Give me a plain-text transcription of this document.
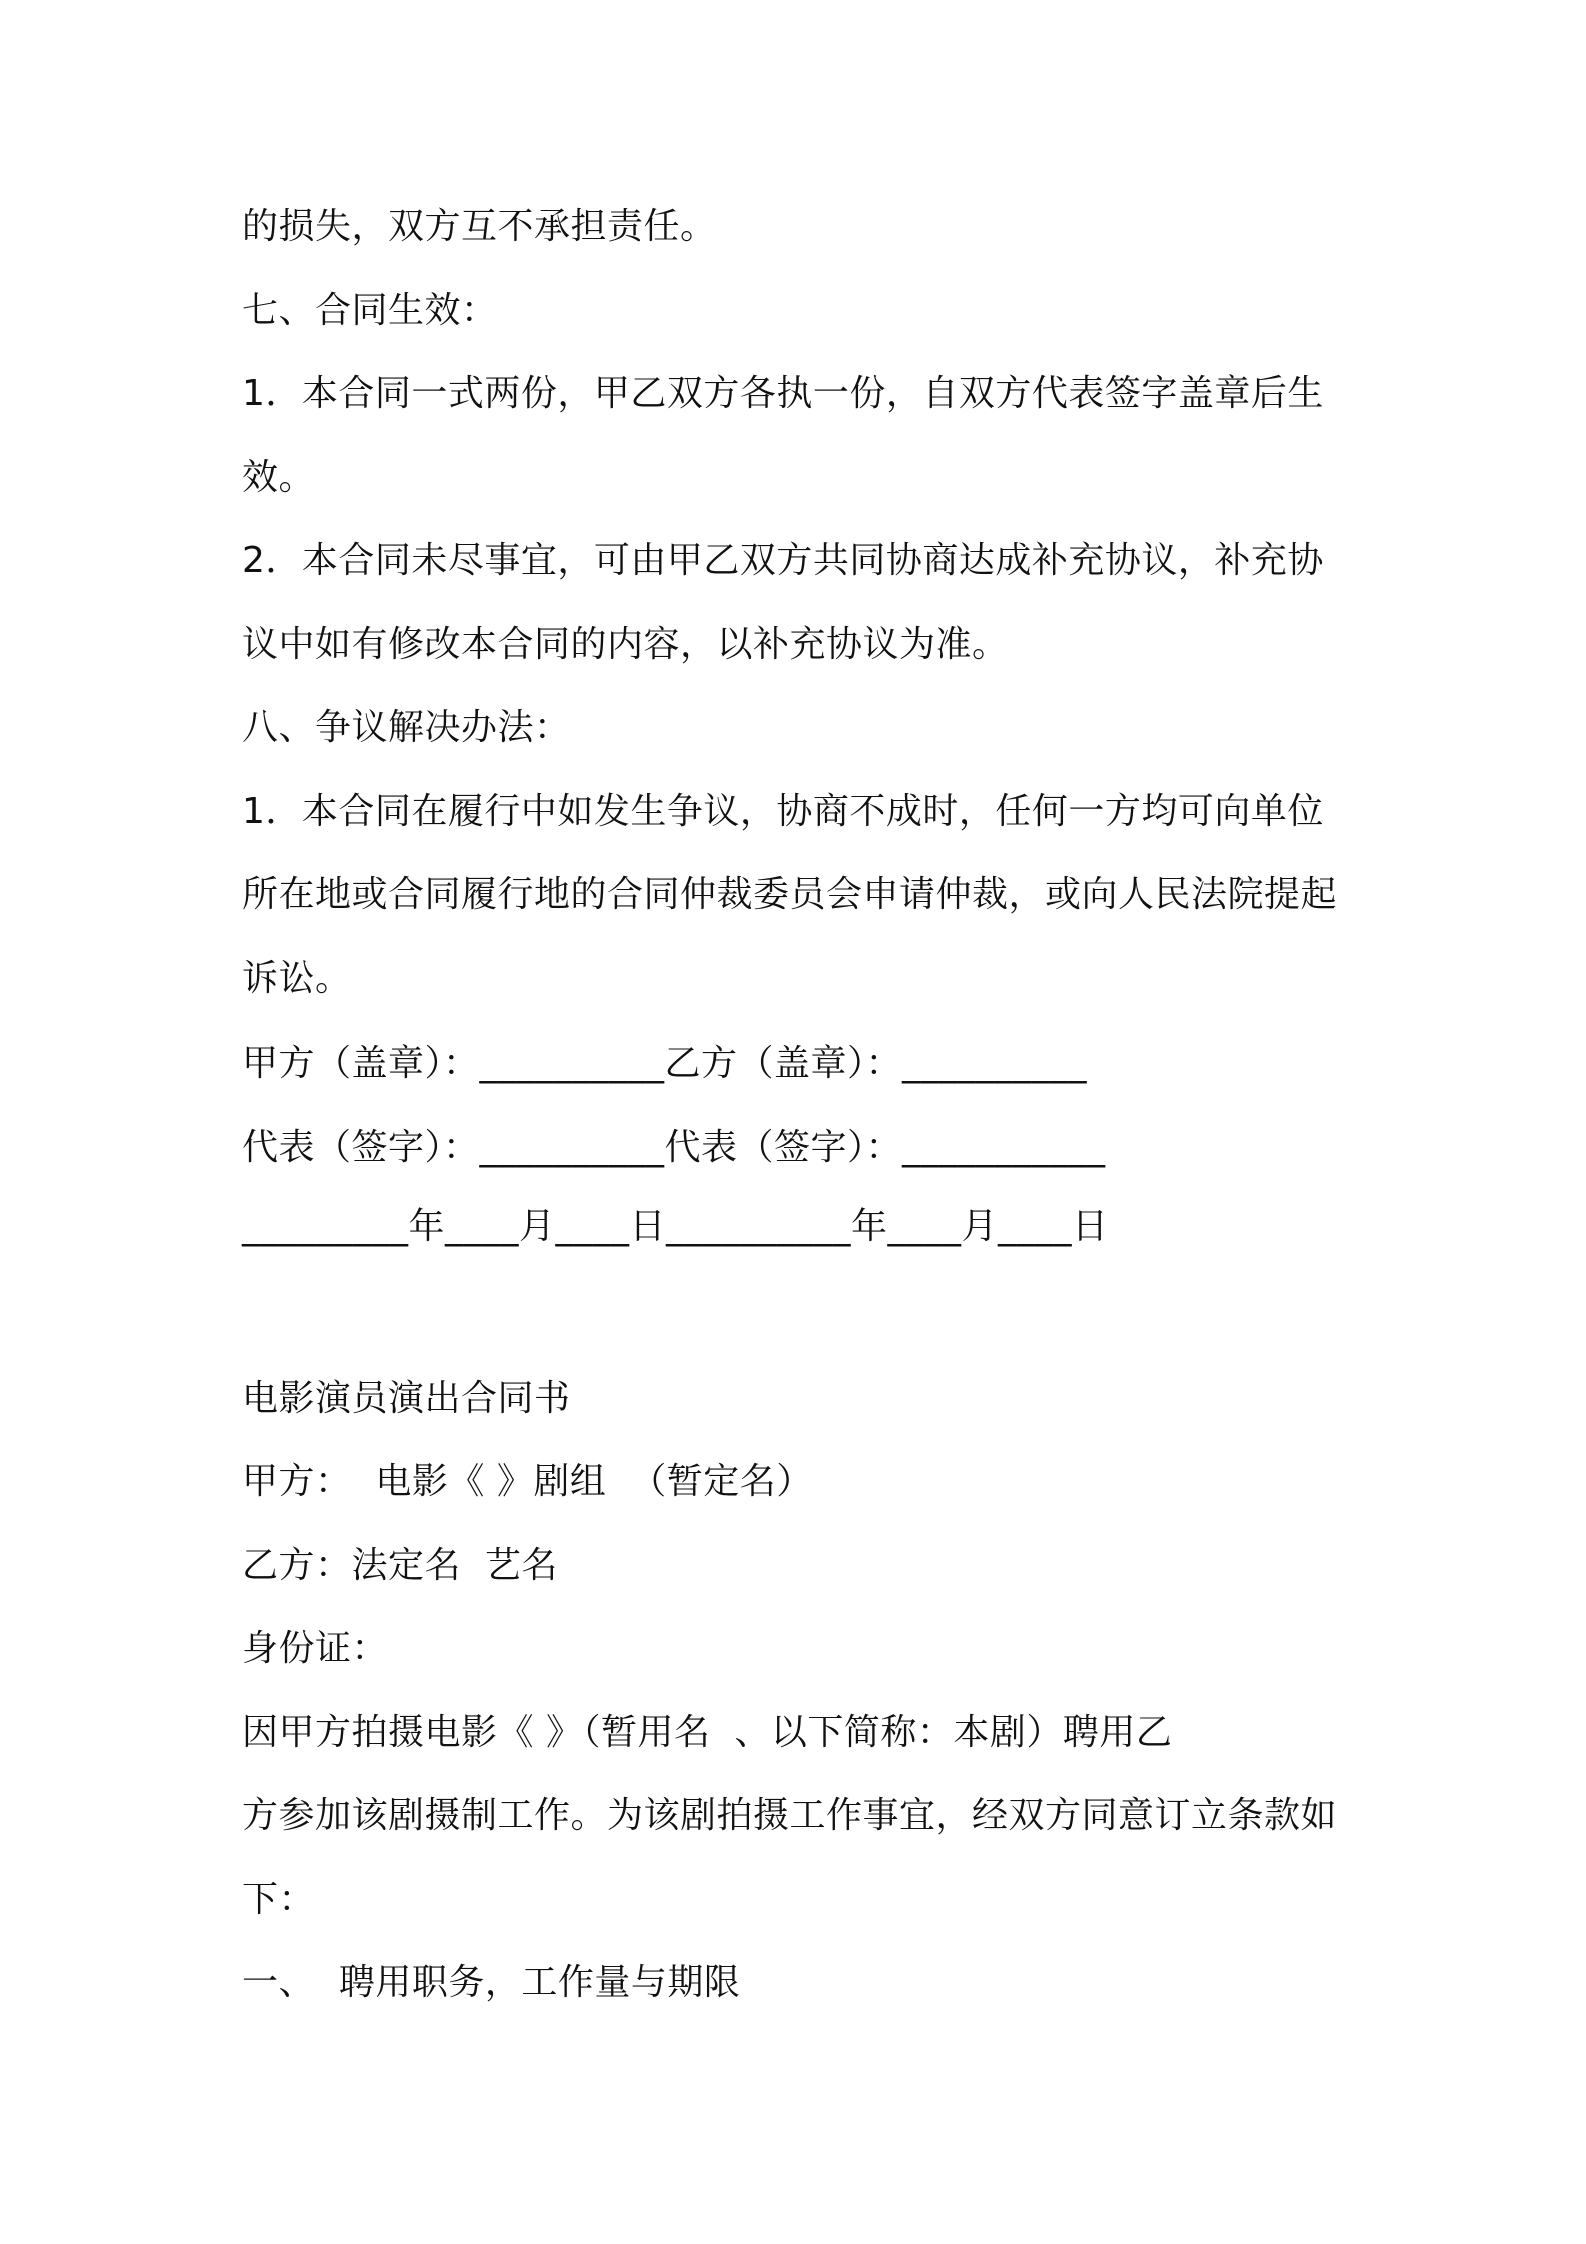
的损失，双方互不承担责任。
七、合同生效：
1．本合同一式两份，甲乙双方各执一份，自双方代表签字盖章后生
效。
2．本合同未尽事宜，可由甲乙双方共同协商达成补充协议，补充协
议中如有修改本合同的内容，以补充协议为准。
八、争议解决办法：
1．本合同在履行中如发生争议，协商不成时，任何一方均可向单位
所在地或合同履行地的合同仲裁委员会申请仲裁，或向人民法院提起
诉讼。
甲方（盖章）：__________乙方（盖章）：__________
代表（签字）：__________代表（签字）：___________
_________年____月____日__________年____月____日
电影演员演出合同书
甲方：  电影《 》剧组  （暂定名）
乙方：法定名  艺名
身份证：
因甲方拍摄电影《 》（暂用名  、以下简称：本剧）聘用乙
方参加该剧摄制工作。为该剧拍摄工作事宜，经双方同意订立条款如
下：
一、  聘用职务，工作量与期限
